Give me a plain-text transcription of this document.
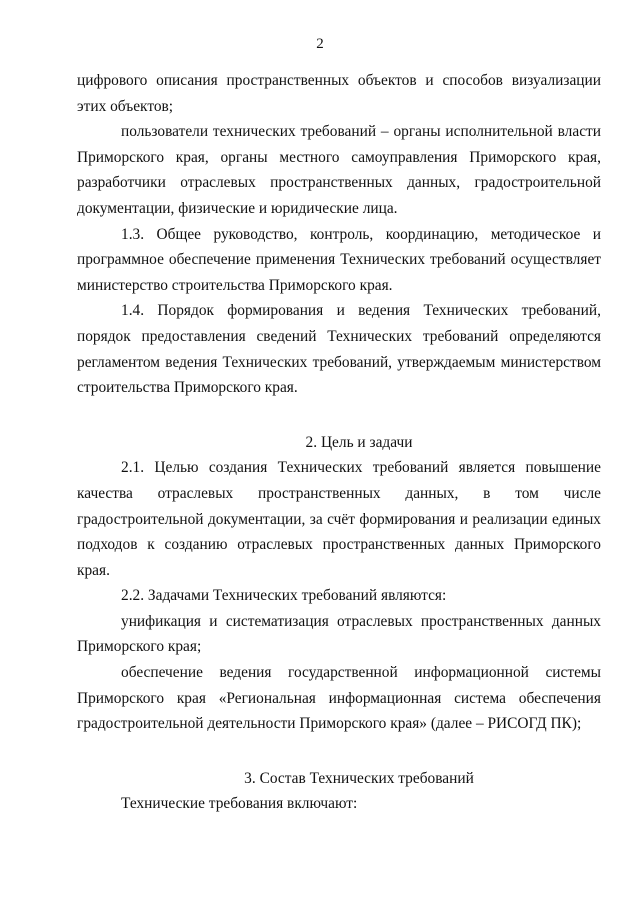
2

цифрового описания пространственных объектов и способов визуализации этих объектов;

пользователи технических требований – органы исполнительной власти Приморского края, органы местного самоуправления Приморского края, разработчики отраслевых пространственных данных, градостроительной документации, физические и юридические лица.

1.3. Общее руководство, контроль, координацию, методическое и программное обеспечение применения Технических требований осуществляет министерство строительства Приморского края.

1.4. Порядок формирования и ведения Технических требований, порядок предоставления сведений Технических требований определяются регламентом ведения Технических требований, утверждаемым министерством строительства Приморского края.

2. Цель и задачи

2.1. Целью создания Технических требований является повышение качества отраслевых пространственных данных, в том числе градостроительной документации, за счёт формирования и реализации единых подходов к созданию отраслевых пространственных данных Приморского края.

2.2. Задачами Технических требований являются:

унификация и систематизация отраслевых пространственных данных Приморского края;

обеспечение ведения государственной информационной системы Приморского края «Региональная информационная система обеспечения градостроительной деятельности Приморского края» (далее – РИСОГД ПК);

3. Состав Технических требований

Технические требования включают:
